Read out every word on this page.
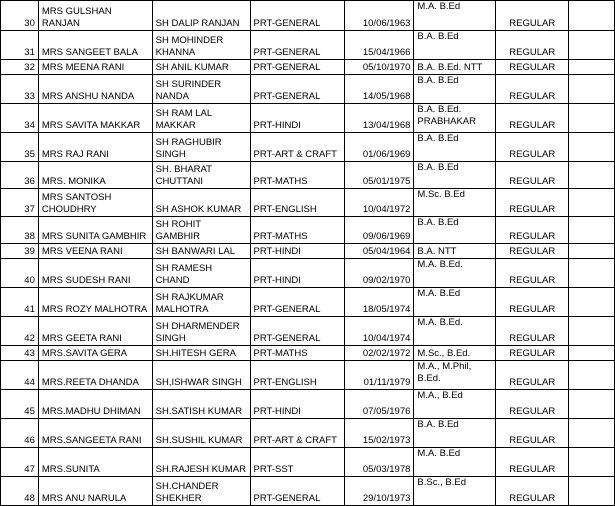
30	MRS GULSHAN RANJAN	SH DALIP RANJAN	PRT-GENERAL	10/06/1963	M.A. B.Ed	REGULAR	
31	MRS SANGEET BALA	SH MOHINDER KHANNA	PRT-GENERAL	15/04/1966	B.A. B.Ed	REGULAR	
32	MRS MEENA RANI	SH ANIL KUMAR	PRT-GENERAL	05/10/1970	B.A. B.Ed. NTT	REGULAR	
33	MRS ANSHU NANDA	SH SURINDER NANDA	PRT-GENERAL	14/05/1968	B.A. B.Ed	REGULAR	
34	MRS SAVITA MAKKAR	SH RAM LAL MAKKAR	PRT-HINDI	13/04/1968	B.A. B.Ed. PRABHAKAR	REGULAR	
35	MRS RAJ RANI	SH RAGHUBIR SINGH	PRT-ART & CRAFT	01/06/1969	B.A. B.Ed	REGULAR	
36	MRS. MONIKA	SH. BHARAT CHUTTANI	PRT-MATHS	05/01/1975	B.A. B.Ed	REGULAR	
37	MRS SANTOSH CHOUDHRY	SH ASHOK KUMAR	PRT-ENGLISH	10/04/1972	M.Sc. B.Ed	REGULAR	
38	MRS SUNITA GAMBHIR	SH ROHIT GAMBHIR	PRT-MATHS	09/06/1969	B.A. B.Ed	REGULAR	
39	MRS VEENA RANI	SH BANWARI LAL	PRT-HINDI	05/04/1964	B.A. NTT	REGULAR	
40	MRS SUDESH RANI	SH RAMESH CHAND	PRT-HINDI	09/02/1970	M.A. B.Ed.	REGULAR	
41	MRS ROZY MALHOTRA	SH RAJKUMAR MALHOTRA	PRT-GENERAL	18/05/1974	M.A. B.Ed	REGULAR	
42	MRS GEETA RANI	SH DHARMENDER SINGH	PRT-GENERAL	10/04/1974	M.A. B.Ed.	REGULAR	
43	MRS.SAVITA GERA	SH.HITESH GERA	PRT-MATHS	02/02/1972	M.Sc., B.Ed.	REGULAR	
44	MRS.REETA DHANDA	SH,ISHWAR SINGH	PRT-ENGLISH	01/11/1979	M.A., M.Phil, B.Ed.	REGULAR	
45	MRS.MADHU DHIMAN	SH.SATISH KUMAR	PRT-HINDI	07/05/1976	M.A., B.Ed	REGULAR	
46	MRS.SANGEETA RANI	SH.SUSHIL KUMAR	PRT-ART & CRAFT	15/02/1973	B.A. B.Ed	REGULAR	
47	MRS.SUNITA	SH.RAJESH KUMAR	PRT-SST	05/03/1978	M.A. B.Ed	REGULAR	
48	MRS ANU NARULA	SH.CHANDER SHEKHER	PRT-GENERAL	29/10/1973	B.Sc., B.Ed	REGULAR	
